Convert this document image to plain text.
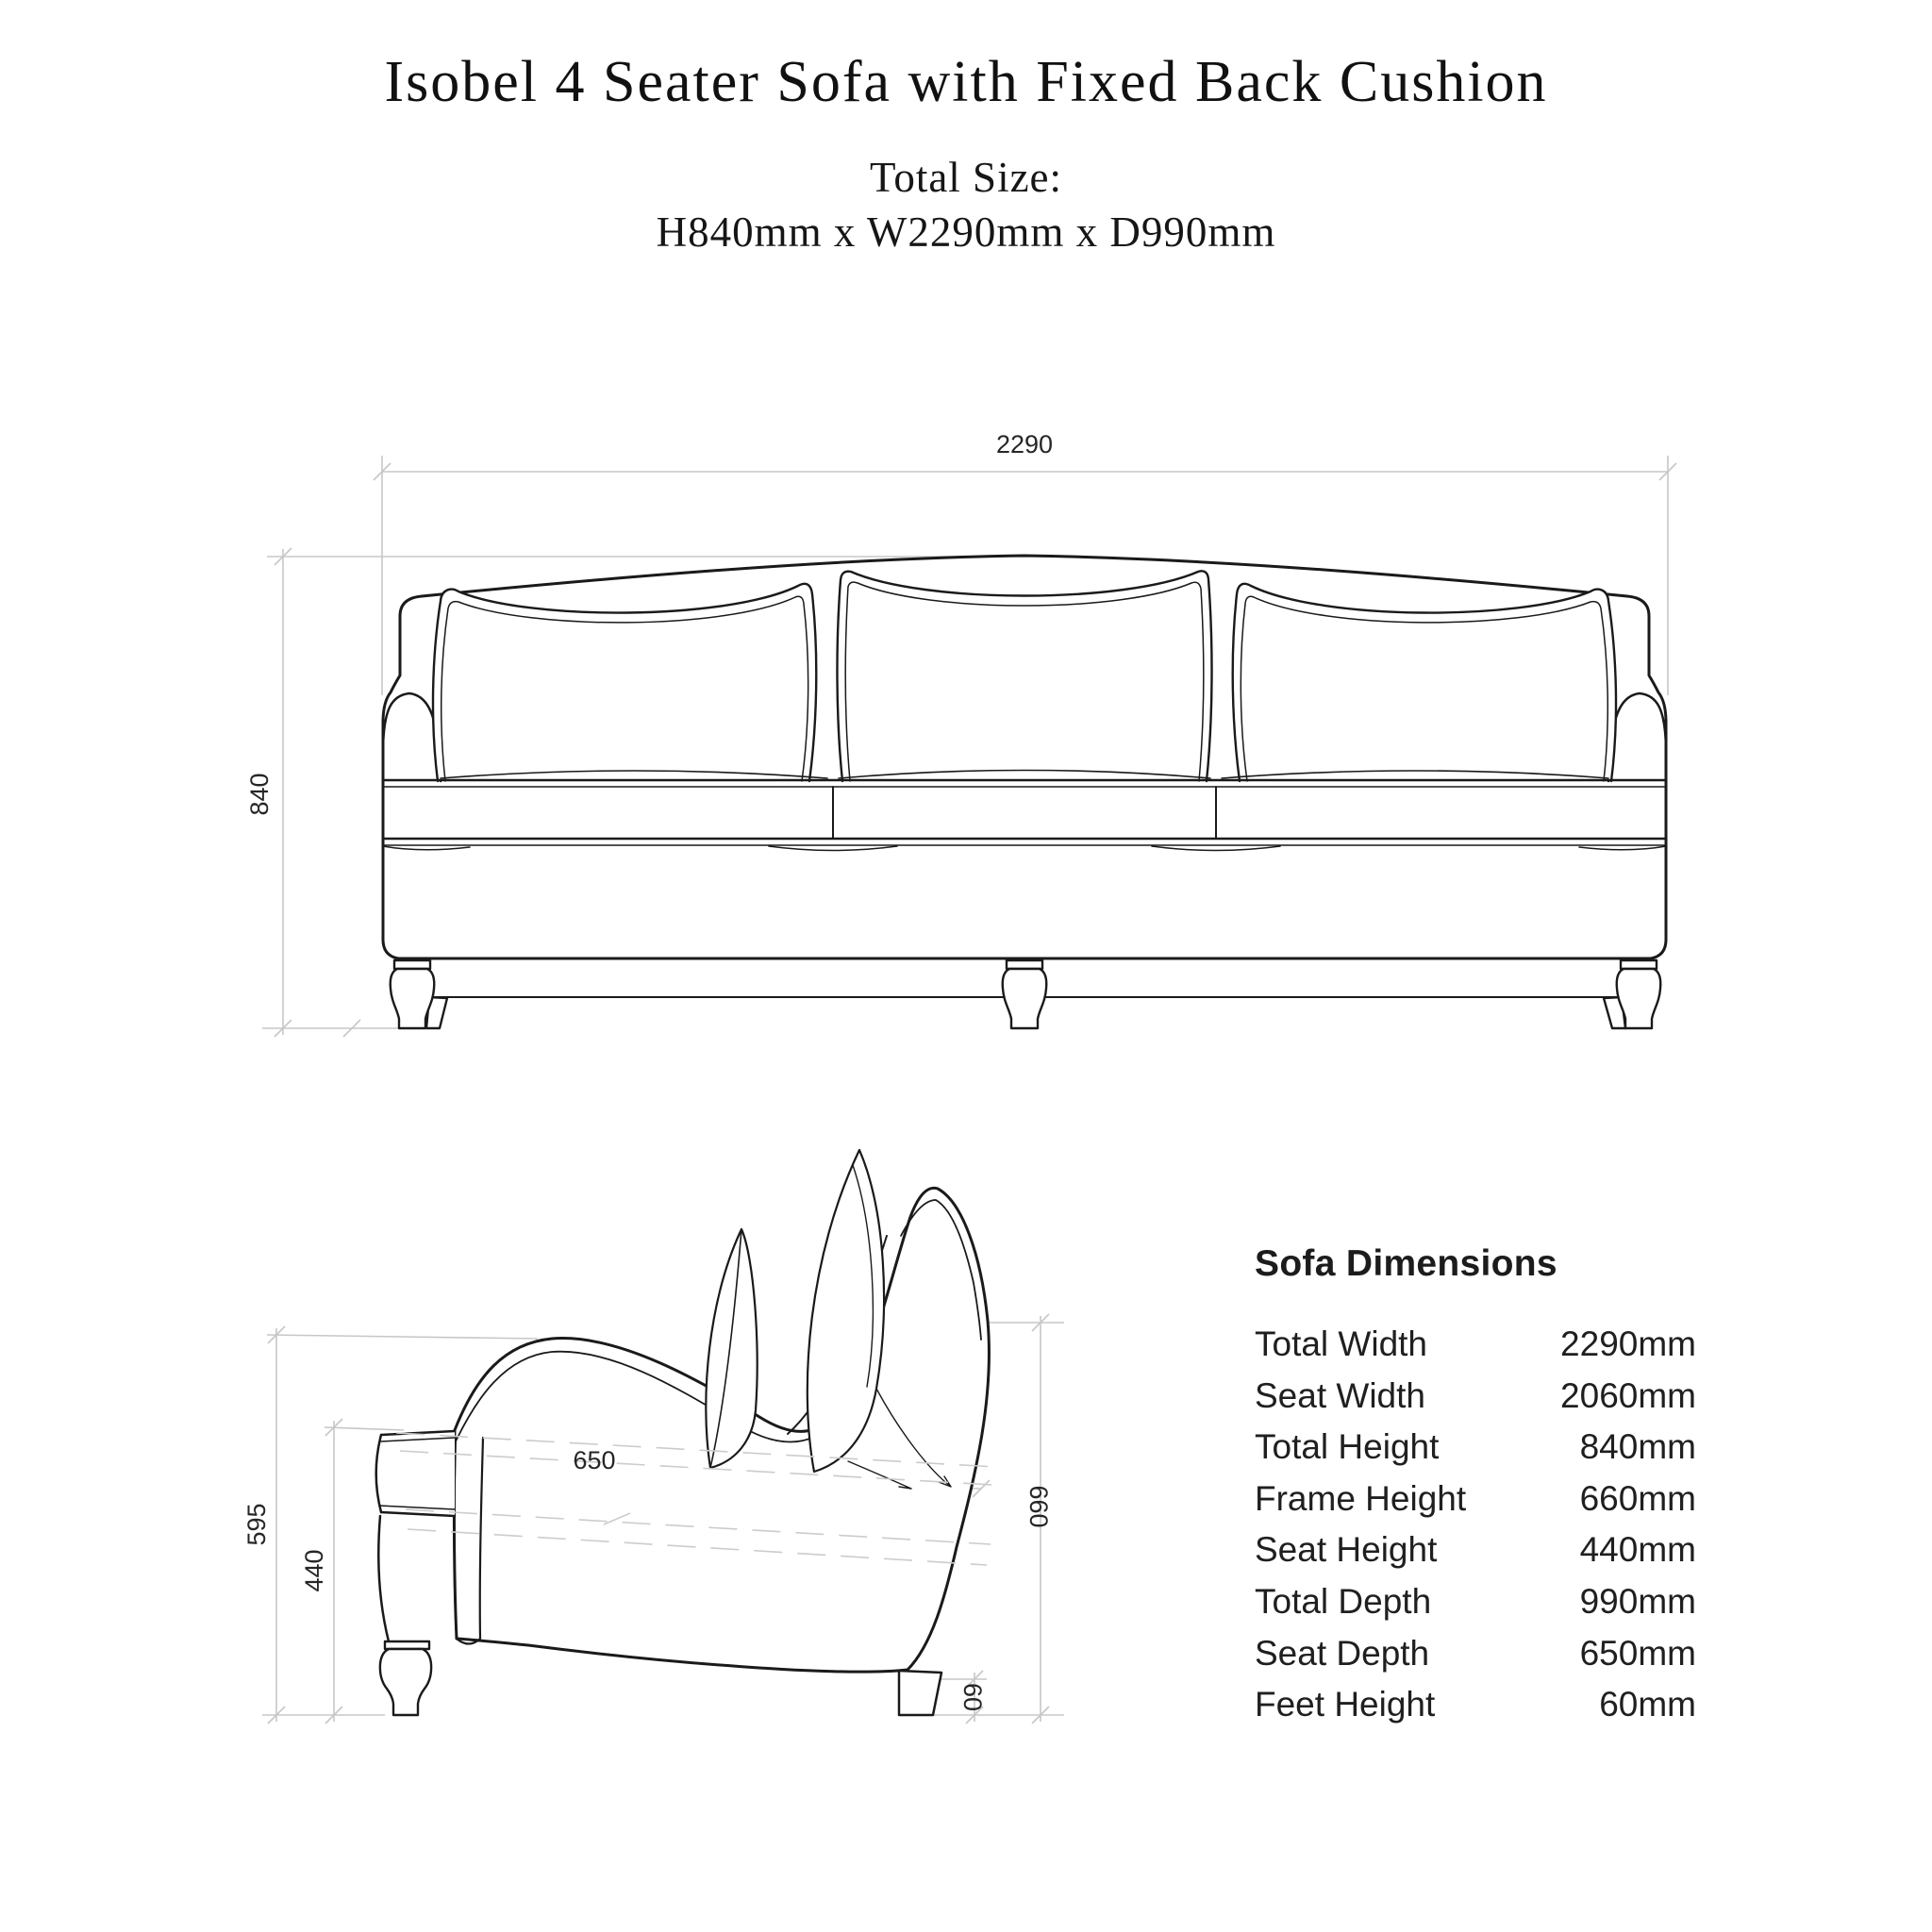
Isobel 4 Seater Sofa with Fixed Back Cushion
Total Size:
H840mm x W2290mm x D990mm
2290
840
595
440
650
660
60
Sofa Dimensions
Total Width	2290mm
Seat Width	2060mm
Total Height	840mm
Frame Height	660mm
Seat Height	440mm
Total Depth	990mm
Seat Depth	650mm
Feet Height	60mm
